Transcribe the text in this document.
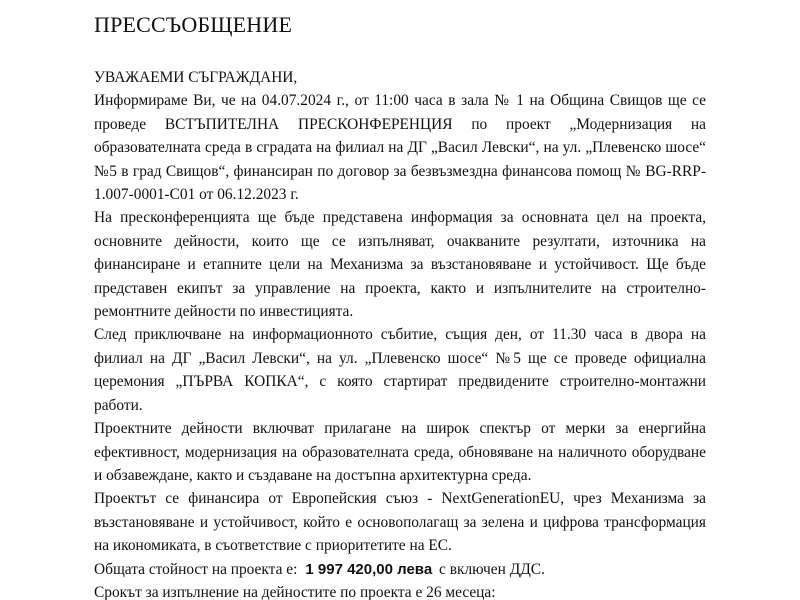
ПРЕССЪОБЩЕНИЕ

УВАЖАЕМИ СЪГРАЖДАНИ,

Информираме Ви, че на 04.07.2024 г., от 11:00 часа в зала № 1 на Община Свищов ще се
проведе ВСТЪПИТЕЛНА ПРЕСКОНФЕРЕНЦИЯ по проект „Модернизация на
образователната среда в сградата на филиал на ДГ „Васил Левски“, на ул. „Плевенско шосе“
№5 в град Свищов“, финансиран по договор за безвъзмездна финансова помощ № BG-RRP-
1.007-0001-C01 от 06.12.2023 г.

На пресконференцията ще бъде представена информация за основната цел на проекта,
основните дейности, които ще се изпълняват, очакваните резултати, източника на
финансиране и етапните цели на Механизма за възстановяване и устойчивост. Ще бъде
представен екипът за управление на проекта, както и изпълнителите на строително-
ремонтните дейности по инвестицията.

След приключване на информационното събитие, същия ден, от 11.30 часа в двора на
филиал на ДГ „Васил Левски“, на ул. „Плевенско шосе“ №5 ще се проведе официална
церемония „ПЪРВА КОПКА“, с която стартират предвидените строително-монтажни
работи.

Проектните дейности включват прилагане на широк спектър от мерки за енергийна
ефективност, модернизация на образователната среда, обновяване на наличното оборудване
и обзавеждане, както и създаване на достъпна архитектурна среда.

Проектът се финансира от Европейския съюз - NextGenerationEU, чрез Механизма за
възстановяване и устойчивост, който е основополагащ за зелена и цифрова трансформация
на икономиката, в съответствие с приоритетите на ЕС.

Общата стойност на проекта е: 1 997 420,00 лева с включен ДДС.

Срокът за изпълнение на дейностите по проекта е 26 месеца:
